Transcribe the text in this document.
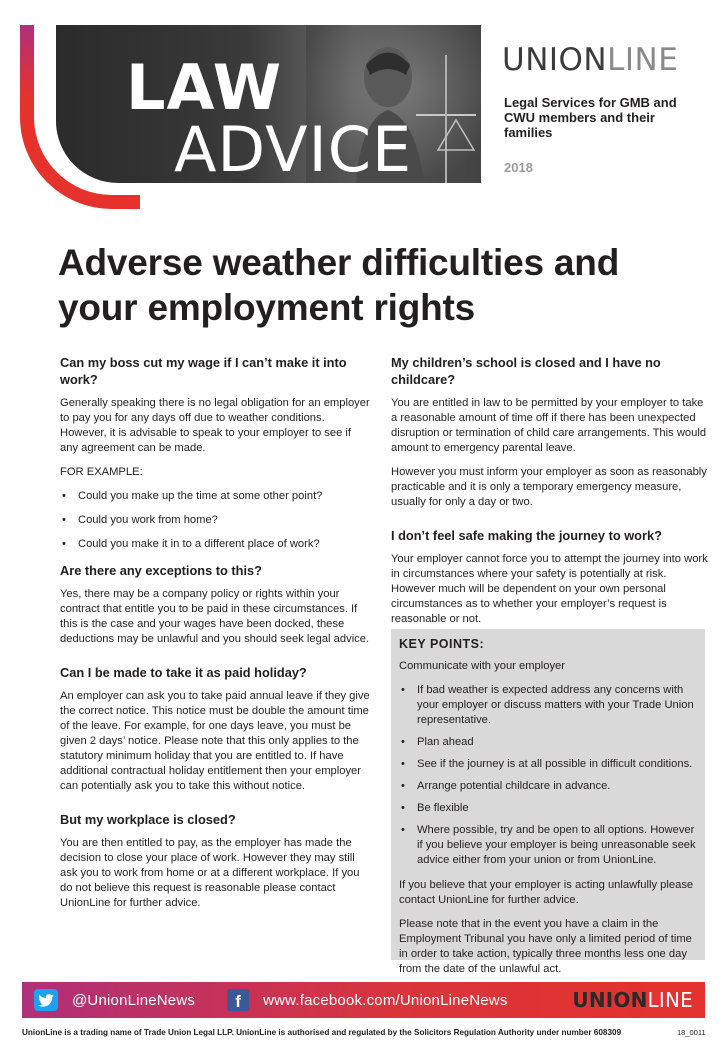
LAW
ADVICE
UNION LINE
Legal Services for GMB and CWU members and their families
2018
Adverse weather difficulties and your employment rights
Can my boss cut my wage if I can’t make it into work?

Generally speaking there is no legal obligation for an employer to pay you for any days off due to weather conditions. However, it is advisable to speak to your employer to see if any agreement can be made.

FOR EXAMPLE:

• Could you make up the time at some other point?
• Could you work from home?
• Could you make it in to a different place of work?
Are there any exceptions to this?

Yes, there may be a company policy or rights within your contract that entitle you to be paid in these circumstances. If this is the case and your wages have been docked, these deductions may be unlawful and you should seek legal advice.

Can I be made to take it as paid holiday?

An employer can ask you to take paid annual leave if they give the correct notice. This notice must be double the amount time of the leave. For example, for one days leave, you must be given 2 days’ notice. Please note that this only applies to the statutory minimum holiday that you are entitled to. If have additional contractual holiday entitlement then your employer can potentially ask you to take this without notice.

But my workplace is closed?

You are then entitled to pay, as the employer has made the decision to close your place of work. However they may still ask you to work from home or at a different workplace. If you do not believe this request is reasonable please contact UnionLine for further advice.

My children’s school is closed and I have no childcare?

You are entitled in law to be permitted by your employer to take a reasonable amount of time off if there has been unexpected disruption or termination of child care arrangements. This would amount to emergency parental leave.

However you must inform your employer as soon as reasonably practicable and it is only a temporary emergency measure, usually for only a day or two.

I don’t feel safe making the journey to work?

Your employer cannot force you to attempt the journey into work in circumstances where your safety is potentially at risk. However much will be dependent on your own personal circumstances as to whether your employer’s request is reasonable or not.

KEY POINTS:

Communicate with your employer

• If bad weather is expected address any concerns with your employer or discuss matters with your Trade Union representative.
• Plan ahead
• See if the journey is at all possible in difficult conditions.
• Arrange potential childcare in advance.
• Be flexible
• Where possible, try and be open to all options. However if you believe your employer is being unreasonable seek advice either from your union or from UnionLine.

If you believe that your employer is acting unlawfully please contact UnionLine for further advice.

Please note that in the event you have a claim in the Employment Tribunal you have only a limited period of time in order to take action, typically three months less one day from the date of the unlawful act.

@UnionLineNews	f	www.facebook.com/UnionLineNews	UNIONLINE
UnionLine is a trading name of Trade Union Legal LLP. UnionLine is authorised and regulated by the Solicitors Regulation Authority under number 608309	18_0011
